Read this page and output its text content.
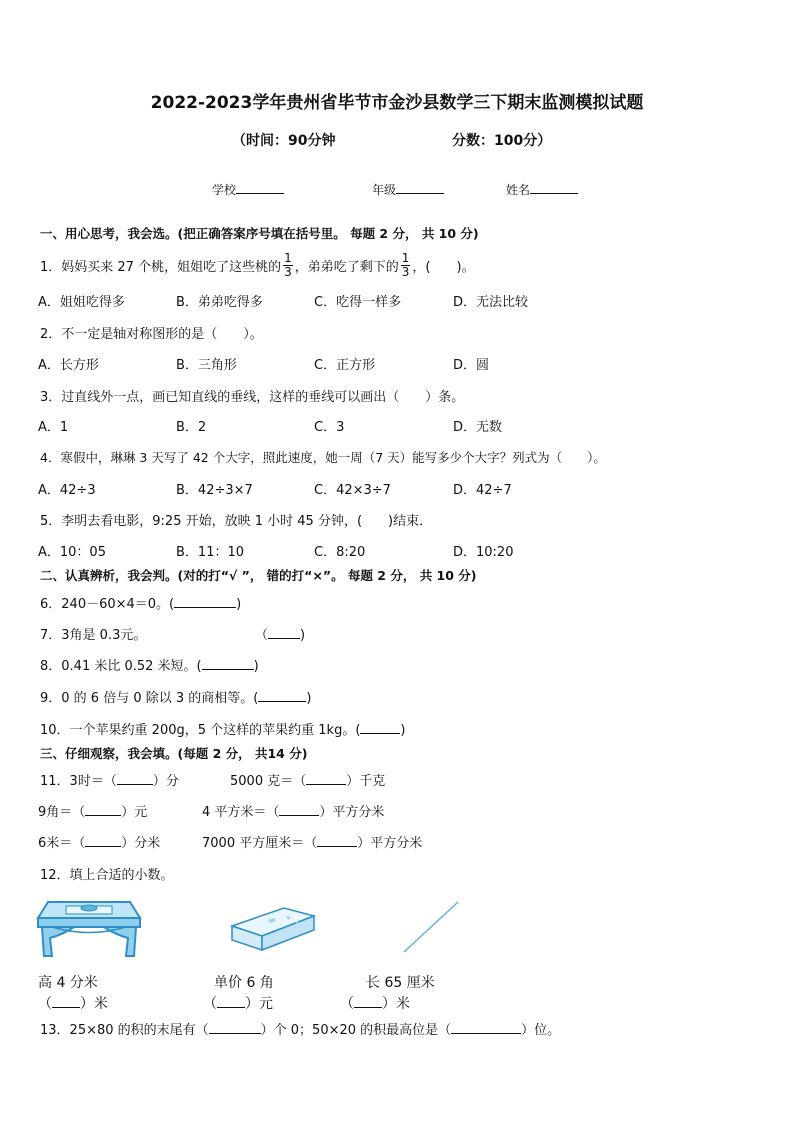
2022-2023学年贵州省毕节市金沙县数学三下期末监测模拟试题
（时间：90分钟	分数：100分）
学校	年级	姓名
一、用心思考，我会选。(把正确答案序号填在括号里。 每题 2 分， 共 10 分)
1．妈妈买来 27 个桃，姐姐吃了这些桃的 $\frac{1}{3}$ ，弟弟吃了剩下的 $\frac{1}{3}$ ，(　　)。
A．姐姐吃得多	B．弟弟吃得多	C．吃得一样多	D．无法比较
2．不一定是轴对称图形的是（　　）。
A．长方形	B．三角形	C．正方形	D．圆
3．过直线外一点，画已知直线的垂线，这样的垂线可以画出（　　）条。
A．1	B．2	C．3	D．无数
4．寒假中，琳琳 3 天写了 42 个大字，照此速度，她一周（7 天）能写多少个大字？列式为（　　）。
A．42÷3	B．42÷3×7	C．42×3÷7	D．42÷7
5．李明去看电影，9:25 开始，放映 1 小时 45 分钟，(　　)结束．
A．10：05	B．11：10	C．8:20	D．10:20
二、认真辨析，我会判。(对的打“√ ”， 错的打“×”。 每题 2 分， 共 10 分)
6．240－60×4＝0。(	)
7．3角是 0.3元。	（ )
8．0.41 米比 0.52 米短。(	)
9．0 的 6 倍与 0 除以 3 的商相等。(	)
10．一个苹果约重 200g，5 个这样的苹果约重 1kg。(	)
三、仔细观察，我会填。(每题 2 分， 共14 分)
11．3时＝（	）分	5000 克＝（	）千克
9角＝（	）元	4 平方米＝（	）平方分米
6米＝（	）分米	7000 平方厘米＝（	）平方分米
12．填上合适的小数。
高 4 分米	单价 6 角	长 65 厘米
（ ）米	（ ）元	（ ）米
13．25×80 的积的末尾有（	）个 0；50×20 的积最高位是（	）位。
